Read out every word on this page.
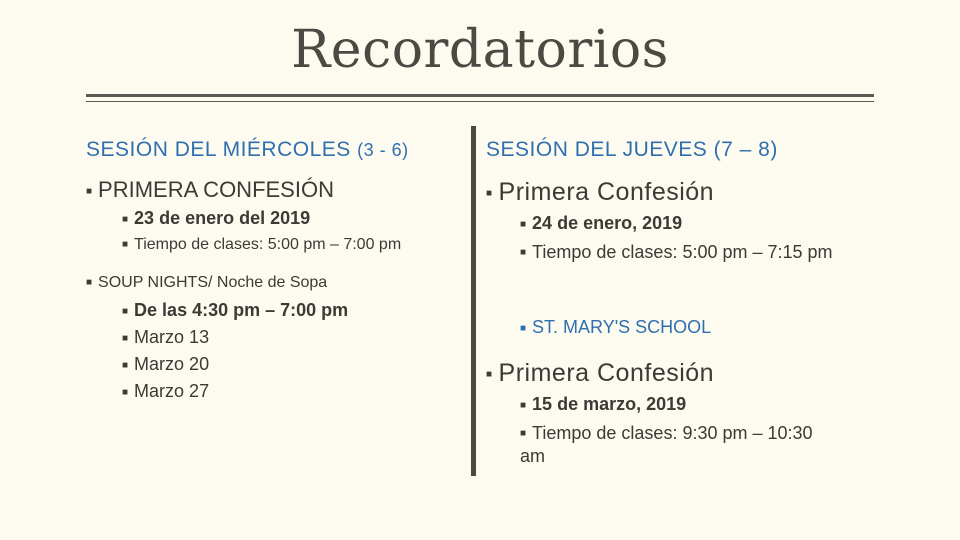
Recordatorios
SESIÓN DEL MIÉRCOLES (3 - 6)
■ PRIMERA CONFESIÓN
■ 23 de enero del 2019
■ Tiempo de clases: 5:00 pm – 7:00 pm
■ SOUP NIGHTS/ Noche de Sopa
■ De las 4:30 pm – 7:00 pm
■ Marzo 13
■ Marzo 20
■ Marzo 27
SESIÓN DEL JUEVES (7 – 8)
■ Primera Confesión
■ 24 de enero, 2019
■ Tiempo de clases: 5:00 pm – 7:15 pm
■ ST. MARY'S SCHOOL
■ Primera Confesión
■ 15 de marzo, 2019
■ Tiempo de clases: 9:30 pm – 10:30 am
